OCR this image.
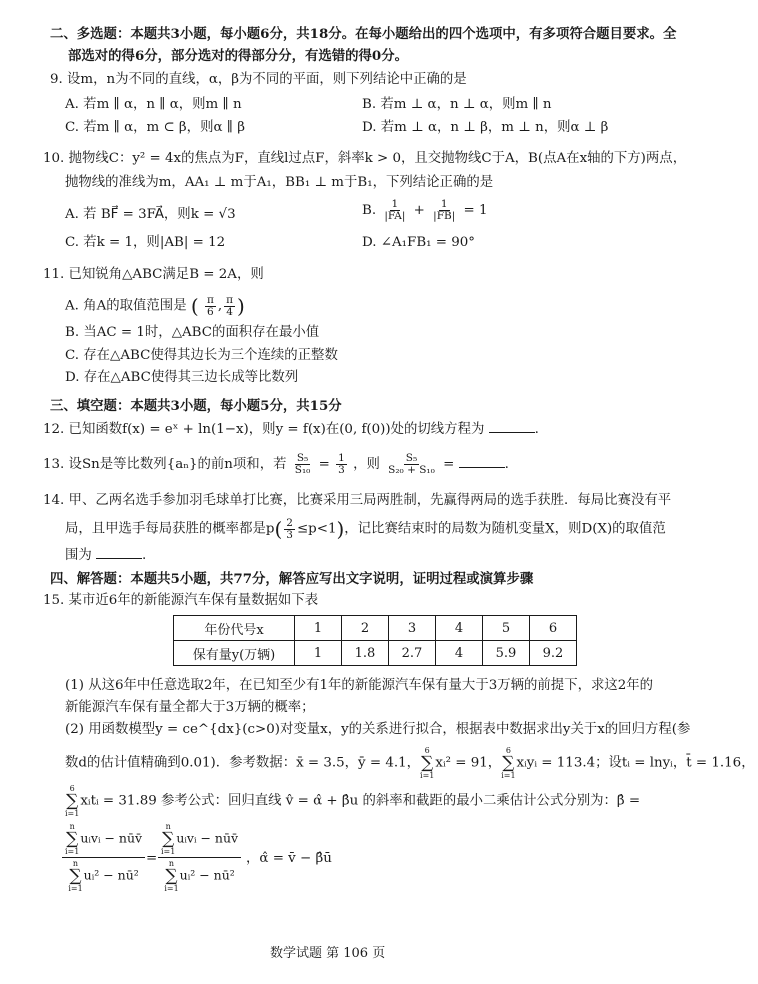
二、多选题：本题共3小题，每小题6分，共18分。在每小题给出的四个选项中，有多项符合题目要求。全
部选对的得6分，部分选对的得部分分，有选错的得0分。
9. 设m，n为不同的直线，α，β为不同的平面，则下列结论中正确的是
A. 若m ∥ α，n ∥ α，则m ∥ n	B. 若m ⊥ α，n ⊥ α，则m ∥ n
C. 若m ∥ α，m ⊂ β，则α ∥ β	D. 若m ⊥ α，n ⊥ β，m ⊥ n，则α ⊥ β
10. 抛物线C：y² = 4x的焦点为F，直线l过点F，斜率k > 0，且交抛物线C于A，B(点A在x轴的下方)两点，
抛物线的准线为m，AA₁ ⊥ m于A₁，BB₁ ⊥ m于B₁，下列结论正确的是
A. 若 BF⃗ = 3FA⃗，则k = √3	B. $\frac{1}{|FA|} + \frac{1}{|FB|} = 1$
C. 若k = 1，则|AB| = 12	D. ∠A₁FB₁ = 90°
11. 已知锐角△ABC满足B = 2A，则
A. 角A的取值范围是 ( $\frac{\pi}{6}$ , $\frac{\pi}{4}$ )
B. 当AC = 1时，△ABC的面积存在最小值
C. 存在△ABC使得其边长为三个连续的正整数
D. 存在△ABC使得其三边长成等比数列
三、填空题：本题共3小题，每小题5分，共15分
12. 已知函数f(x) = eˣ + ln(1−x)，则y = f(x)在(0, f(0))处的切线方程为	.
13. 设Sn是等比数列{aₙ}的前n项和，若 $\frac{\text{S₅}}{\text{S₁₀}} = \frac{1}{3}$ ，则 $\frac{\text{S₅}}{\text{S₂₀ + S₁₀}}$ =	.
14. 甲、乙两名选手参加羽毛球单打比赛，比赛采用三局两胜制，先赢得两局的选手获胜．每局比赛没有平
局，且甲选手每局获胜的概率都是$p( \frac{2}{3} \le p<1)$，记比赛结束时的局数为随机变量X，则D(X)的取值范
围为	.
四、解答题：本题共5小题，共77分，解答应写出文字说明，证明过程或演算步骤
15. 某市近6年的新能源汽车保有量数据如下表
年份代号x	1	2	3	4	5	6
保有量y(万辆)	1	1.8	2.7	4	5.9	9.2
(1) 从这6年中任意选取2年，在已知至少有1年的新能源汽车保有量大于3万辆的前提下，求这2年的
新能源汽车保有量全都大于3万辆的概率；
(2) 用函数模型y = ce^{dx}(c>0)对变量x，y的关系进行拟合，根据表中数据求出y关于x的回归方程(参
数d的估计值精确到0.01)．参考数据：x̄ = 3.5，ȳ = 4.1，
6
∑
i=1
xᵢ² = 91，
6
∑
i=1
xᵢyᵢ = 113.4；设tᵢ = lnyᵢ，t̄ = 1.16，
6
∑
i=1
xᵢtᵢ = 31.89 参考公式：回归直线 v̂ = α̂ + β̂u 的斜率和截距的最小二乘估计公式分别为：β̂ =
n
∑
i=1
uᵢvᵢ − nūv̄
n
∑
i=1
uᵢ² − nū²
=
n
∑
i=1
uᵢvᵢ − nūv̄
n
∑
i=1
uᵢ² − nū²
，α̂ = v̄ − β̂ū
数学试题 第 106 页
